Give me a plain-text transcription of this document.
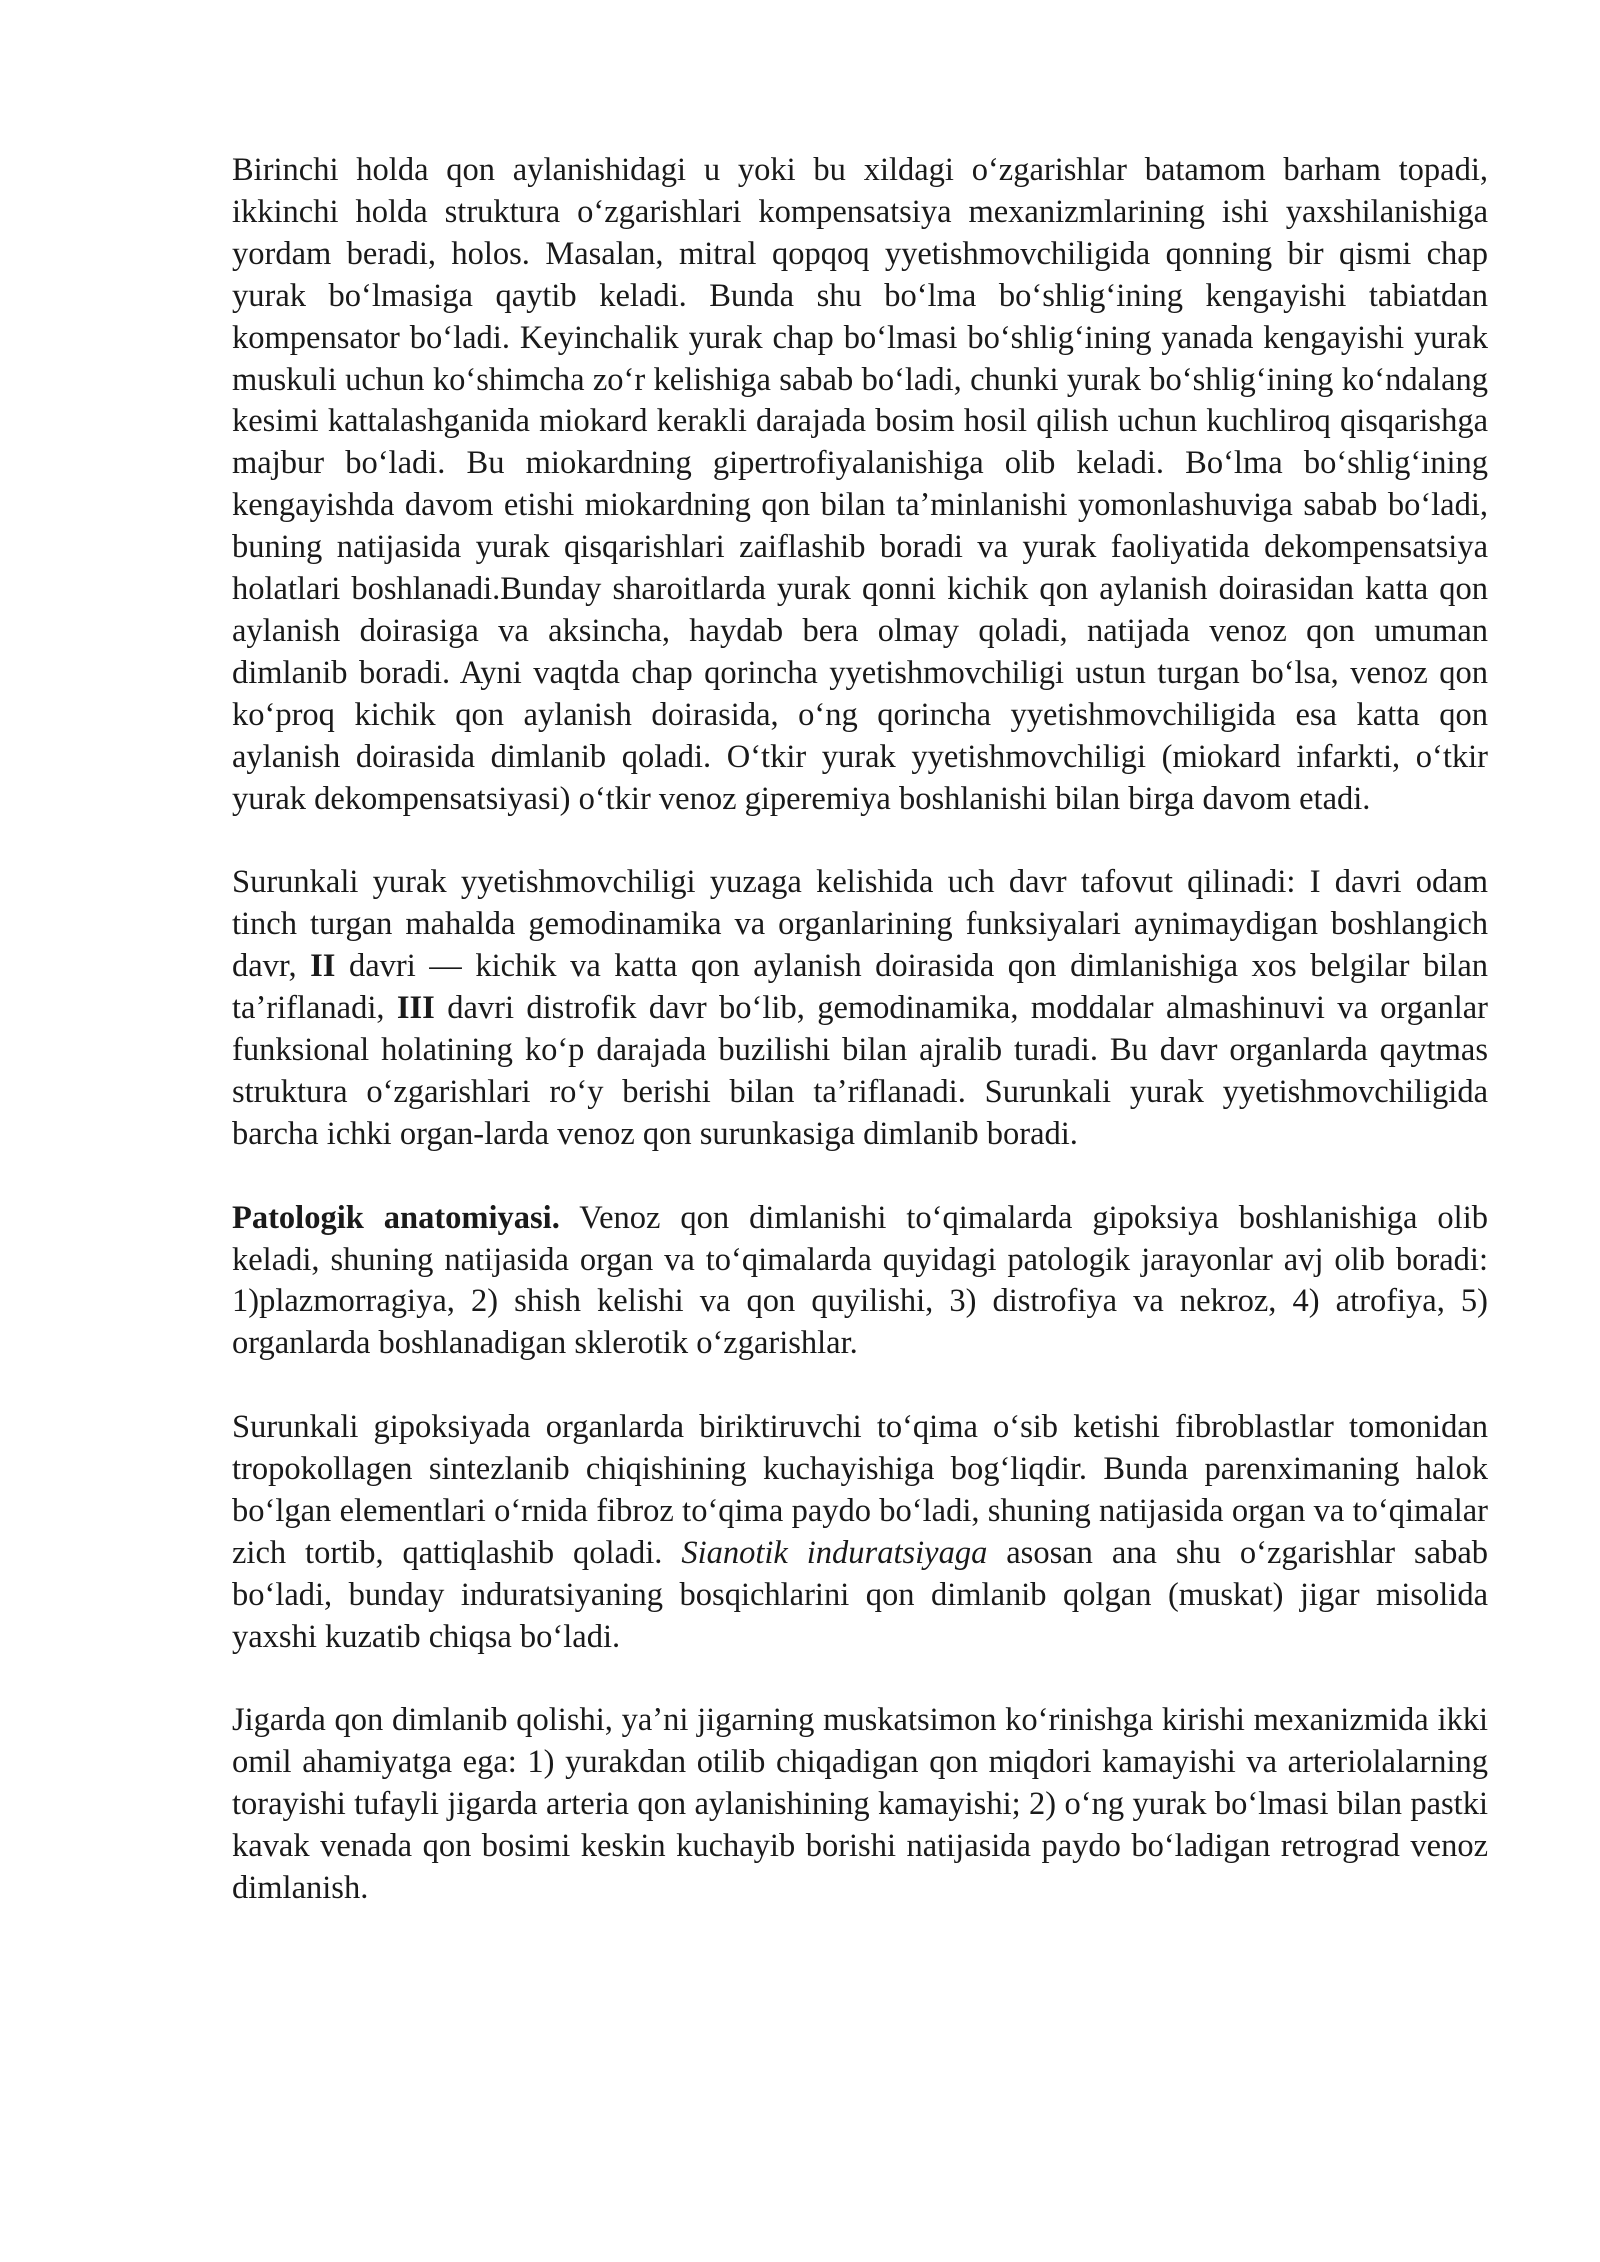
Birinchi holda qon aylanishidagi u yoki bu xildagi oʻzgarishlar batamom barham topadi, ikkinchi holda struktura oʻzgarishlari kompensatsiya mexanizmlarining ishi yaxshilanishiga yordam beradi, holos. Masalan, mitral qopqoq yyetishmovchiligida qonning bir qismi chap yurak boʻlmasiga qaytib keladi. Bunda shu boʻlma boʻshligʻining kengayishi tabiatdan kompensator boʻladi. Keyinchalik yurak chap boʻlmasi boʻshligʻining yanada kengayishi yurak muskuli uchun koʻshimcha zoʻr kelishiga sabab boʻladi, chunki yurak boʻshligʻining koʻndalang kesimi kattalashganida miokard kerakli darajada bosim hosil qilish uchun kuchliroq qisqarishga majbur boʻladi. Bu miokardning gipertrofiyalanishiga olib keladi. Boʻlma boʻshligʻining kengayishda davom etishi miokardning qon bilan taʼminlanishi yomonlashuviga sabab boʻladi, buning natijasida yurak qisqarishlari zaiflashib boradi va yurak faoliyatida dekompensatsiya holatlari boshlanadi.Bunday sharoitlarda yurak qonni kichik qon aylanish doirasidan katta qon aylanish doirasiga va aksincha, haydab bera olmay qoladi, natijada venoz qon umuman dimlanib boradi. Ayni vaqtda chap qorincha yyetishmovchiligi ustun turgan boʻlsa, venoz qon koʻproq kichik qon aylanish doirasida, oʻng qorincha yyetishmovchiligida esa katta qon aylanish doirasida dimlanib qoladi. Oʻtkir yurak yyetishmovchiligi (miokard infarkti, oʻtkir yurak dekompensatsiyasi) oʻtkir venoz giperemiya boshlanishi bilan birga davom etadi.

Surunkali yurak yyetishmovchiligi yuzaga kelishida uch davr tafovut qilinadi: I davri odam tinch turgan mahalda gemodinamika va organlarining funksiyalari aynimaydigan boshlangich davr, II davri — kichik va katta qon aylanish doirasida qon dimlanishiga xos belgilar bilan taʼriflanadi, III davri distrofik davr boʻlib, gemodinamika, moddalar almashinuvi va organlar funksional holatining koʻp darajada buzilishi bilan ajralib turadi. Bu davr organlarda qaytmas struktura oʻzgarishlari roʻy berishi bilan taʼriflanadi. Surunkali yurak yyetishmovchiligida barcha ichki organ-larda venoz qon surunkasiga dimlanib boradi.

Patologik anatomiyasi. Venoz qon dimlanishi toʻqimalarda gipoksiya boshlanishiga olib keladi, shuning natijasida organ va toʻqimalarda quyidagi patologik jarayonlar avj olib boradi: 1)plazmorragiya, 2) shish kelishi va qon quyilishi, 3) distrofiya va nekroz, 4) atrofiya, 5) organlarda boshlanadigan sklerotik oʻzgarishlar.

Surunkali gipoksiyada organlarda biriktiruvchi toʻqima oʻsib ketishi fibroblastlar tomonidan tropokollagen sintezlanib chiqishining kuchayishiga bogʻliqdir. Bunda parenximaning halok boʻlgan elementlari oʻrnida fibroz toʻqima paydo boʻladi, shuning natijasida organ va toʻqimalar zich tortib, qattiqlashib qoladi. Sianotik induratsiyaga asosan ana shu oʻzgarishlar sabab boʻladi, bunday induratsiyaning bosqichlarini qon dimlanib qolgan (muskat) jigar misolida yaxshi kuzatib chiqsa boʻladi.

Jigarda qon dimlanib qolishi, yaʼni jigarning muskatsimon koʻrinishga kirishi mexanizmida ikki omil ahamiyatga ega: 1) yurakdan otilib chiqadigan qon miqdori kamayishi va arteriolalarning torayishi tufayli jigarda arteria qon aylanishining kamayishi; 2) oʻng yurak boʻlmasi bilan pastki kavak venada qon bosimi keskin kuchayib borishi natijasida paydo boʻladigan retrograd venoz dimlanish.
